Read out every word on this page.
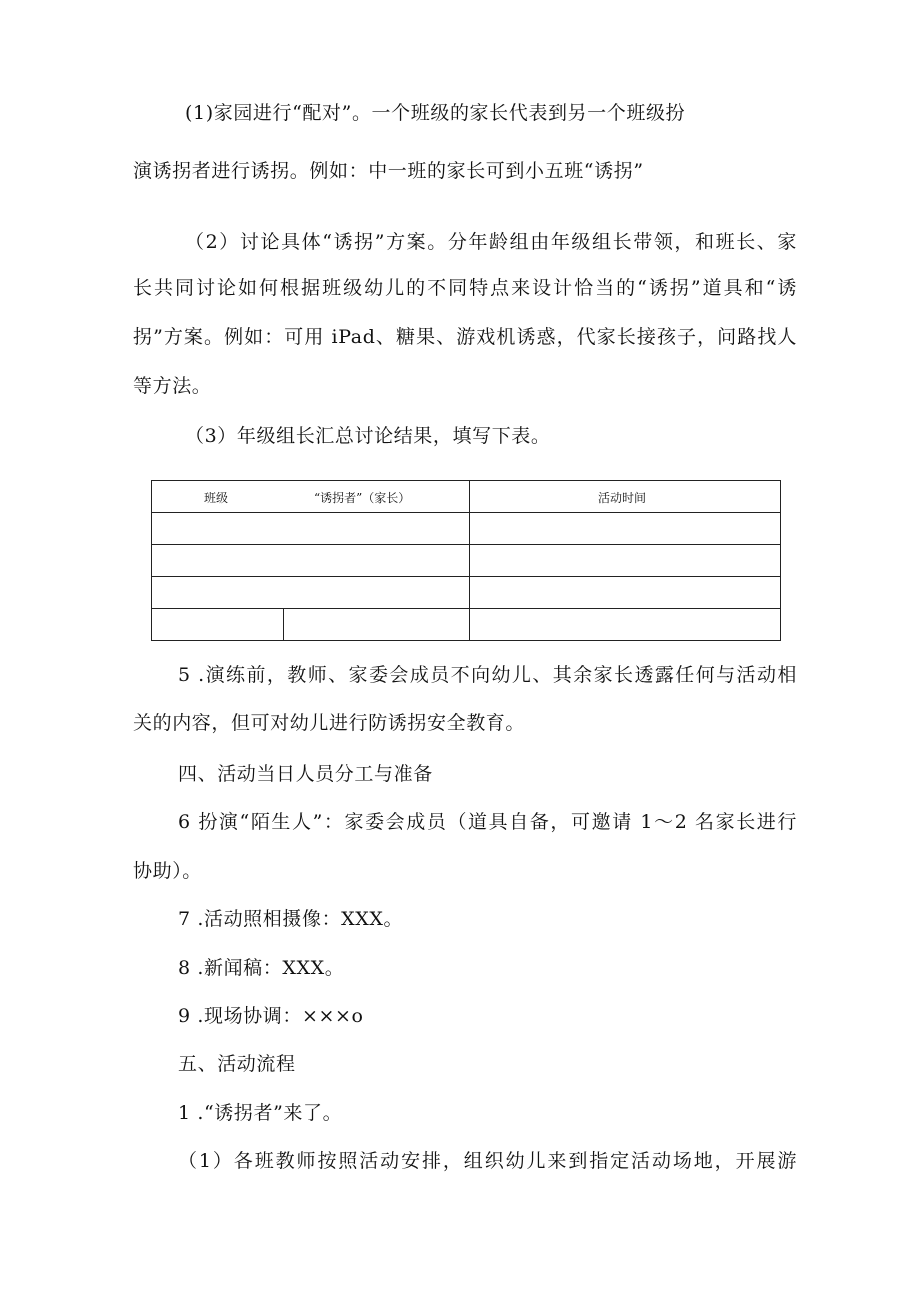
(1)家园进行“配对”。一个班级的家长代表到另一个班级扮
演诱拐者进行诱拐。例如：中一班的家长可到小五班“诱拐”
（2）讨论具体“诱拐”方案。分年龄组由年级组长带领，和班长、家
长共同讨论如何根据班级幼儿的不同特点来设计恰当的“诱拐”道具和“诱
拐”方案。例如：可用 iPad、糖果、游戏机诱惑，代家长接孩子，问路找人
等方法。
（3）年级组长汇总讨论结果，填写下表。
班级 “诱拐者”（家长）		活动时间

5 .演练前，教师、家委会成员不向幼儿、其余家长透露任何与活动相
关的内容，但可对幼儿进行防诱拐安全教育。
四、活动当日人员分工与准备
6 扮演“陌生人”：家委会成员（道具自备，可邀请 1～2 名家长进行
协助）。
7 .活动照相摄像：XXX。
8 .新闻稿：XXX。
9 .现场协调：×××o
五、活动流程
1 .“诱拐者”来了。
（1）各班教师按照活动安排，组织幼儿来到指定活动场地，开展游
